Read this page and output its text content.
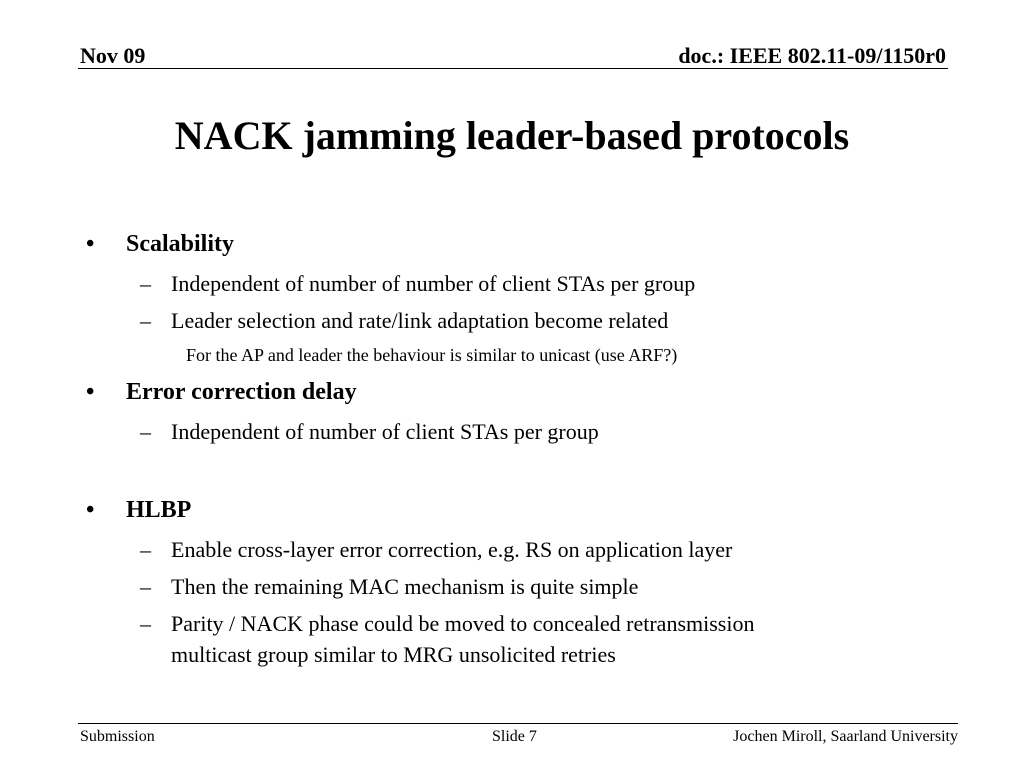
Nov 09	doc.: IEEE 802.11-09/1150r0
NACK jamming leader-based protocols
• Scalability
– Independent of number of number of client STAs per group
– Leader selection and rate/link adaptation become related
For the AP and leader the behaviour is similar to unicast (use ARF?)
• Error correction delay
– Independent of number of client STAs per group
• HLBP
– Enable cross-layer error correction, e.g. RS on application layer
– Then the remaining MAC mechanism is quite simple
– Parity / NACK phase could be moved to concealed retransmission
multicast group similar to MRG unsolicited retries
Submission	Slide 7	Jochen Miroll, Saarland University
